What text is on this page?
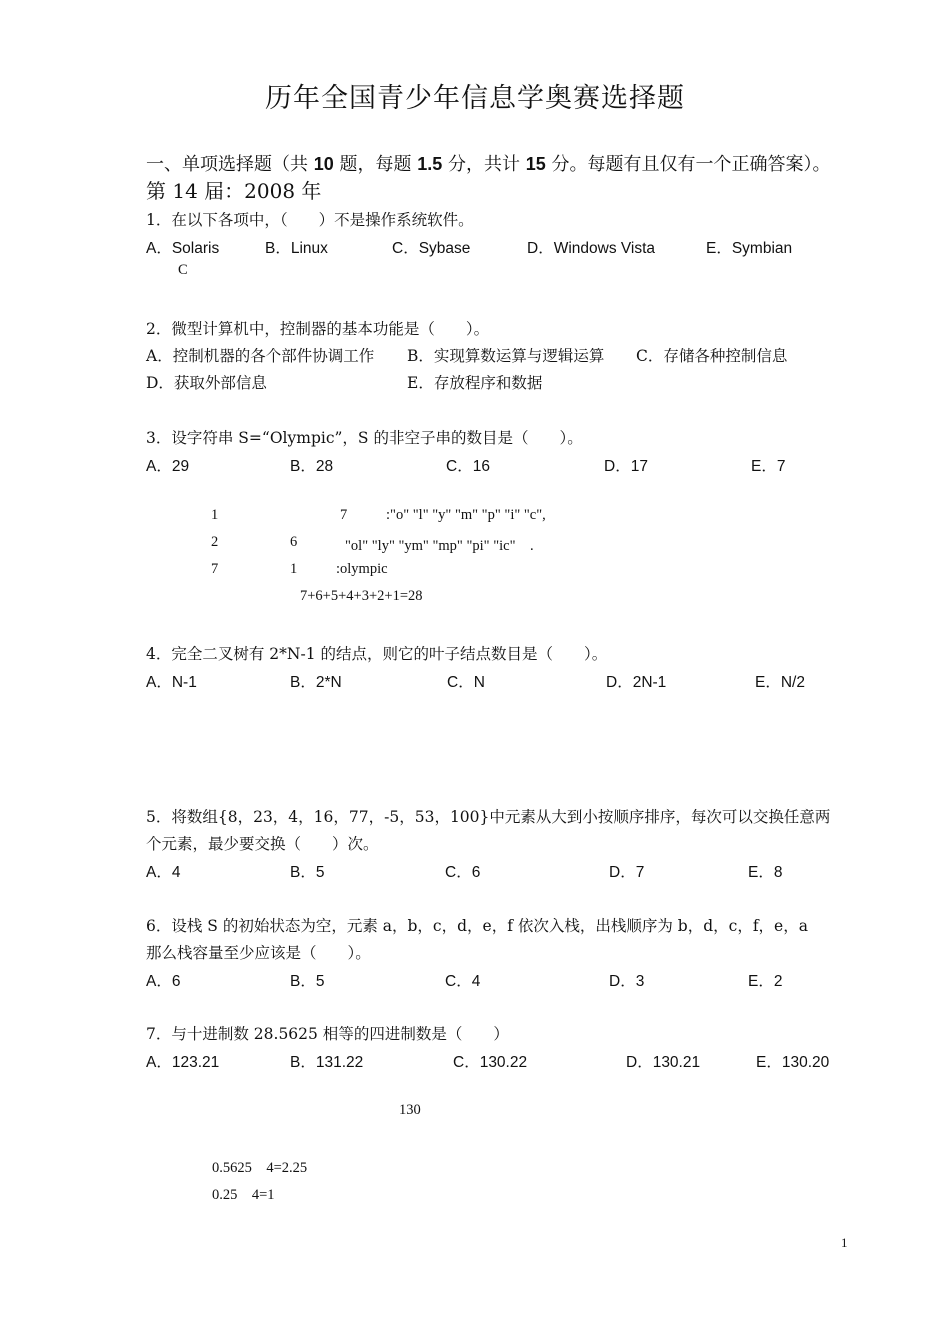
历年全国青少年信息学奥赛选择题
一、单项选择题（共 10 题，每题 1.5 分，共计 15 分。每题有且仅有一个正确答案）。
第 14 届：2008 年
1．在以下各项中，（　　）不是操作系统软件。
A．Solaris	B．Linux	C．Sybase	D．Windows Vista	E．Symbian
C
2．微型计算机中，控制器的基本功能是（　　）。
A．控制机器的各个部件协调工作 B．实现算数运算与逻辑运算 C．存储各种控制信息
D．获取外部信息	E．存放程序和数据
3．设字符串 S=“Olympic”，S 的非空子串的数目是（　　）。
A．29	B．28	C．16	D．17	E．7
1	7	:"o" "l" "y" "m" "p" "i" "c",
2	6	"ol" "ly" "ym" "mp" "pi" "ic"　.
7	1	:olympic
7+6+5+4+3+2+1=28
4．完全二叉树有 2*N-1 的结点，则它的叶子结点数目是（　　）。
A．N-1	B．2*N	C．N	D．2N-1	E．N/2
5．将数组{8，23，4，16，77，-5，53，100}中元素从大到小按顺序排序，每次可以交换任意两
个元素，最少要交换（　　）次。
A．4	B．5	C．6	D．7	E．8
6．设栈 S 的初始状态为空，元素 a，b，c，d，e，f 依次入栈，出栈顺序为 b，d，c，f，e，a
那么栈容量至少应该是（　　）。
A．6	B．5	C．4	D．3	E．2
7．与十进制数 28.5625 相等的四进制数是（　　）
A．123.21	B．131.22	C．130.22	D．130.21	E．130.20
130
0.5625　4=2.25
0.25　4=1
1
